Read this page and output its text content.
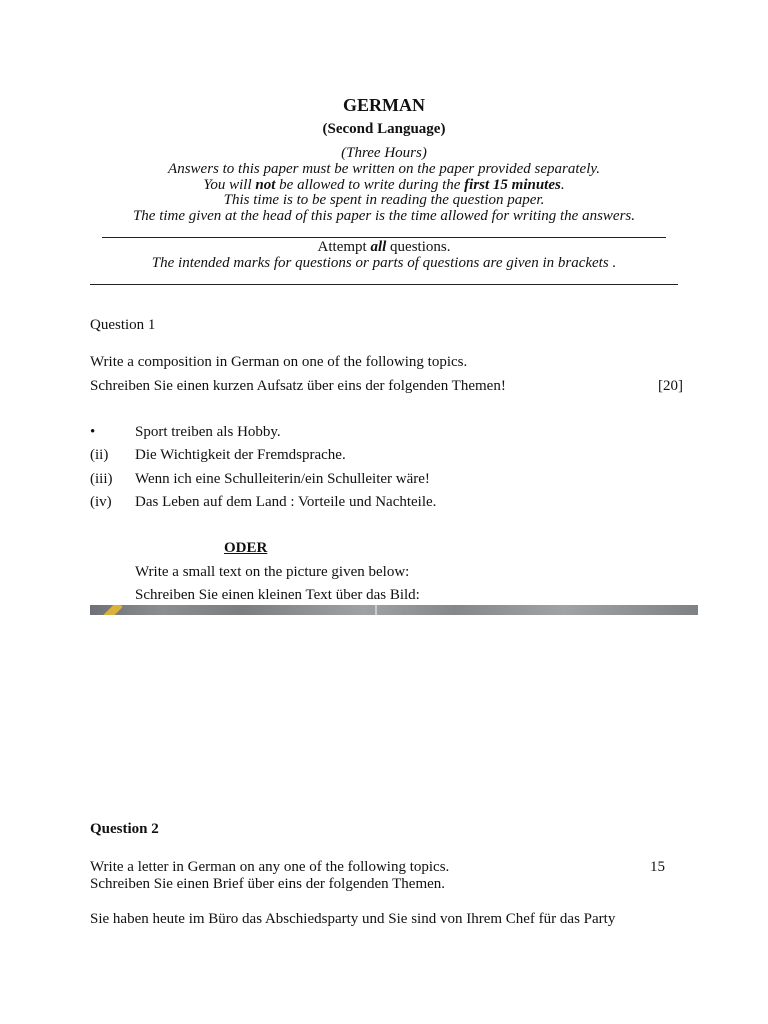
GERMAN
(Second Language)
(Three Hours)
Answers to this paper must be written on the paper provided separately.
You will not be allowed to write during the first 15 minutes.
This time is to be spent in reading the question paper.
The time given at the head of this paper is the time allowed for writing the answers.
Attempt all questions.
The intended marks for questions or parts of questions are given in brackets .
Question 1
Write a composition in German on one of the following topics.
Schreiben Sie einen kurzen Aufsatz über eins der folgenden Themen!	[20]
•	Sport treiben als Hobby.
(ii) Die Wichtigkeit der Fremdsprache.
(iii) Wenn ich eine Schulleiterin/ein Schulleiter wäre!
(iv) Das Leben auf dem Land : Vorteile und Nachteile.
ODER
Write a small text on the picture given below:
Schreiben Sie einen kleinen Text über das Bild:
Question 2
Write a letter in German on any one of the following topics.	15
Schreiben Sie einen Brief über eins der folgenden Themen.
Sie haben heute im Büro das Abschiedsparty und Sie sind von Ihrem Chef für das Party
